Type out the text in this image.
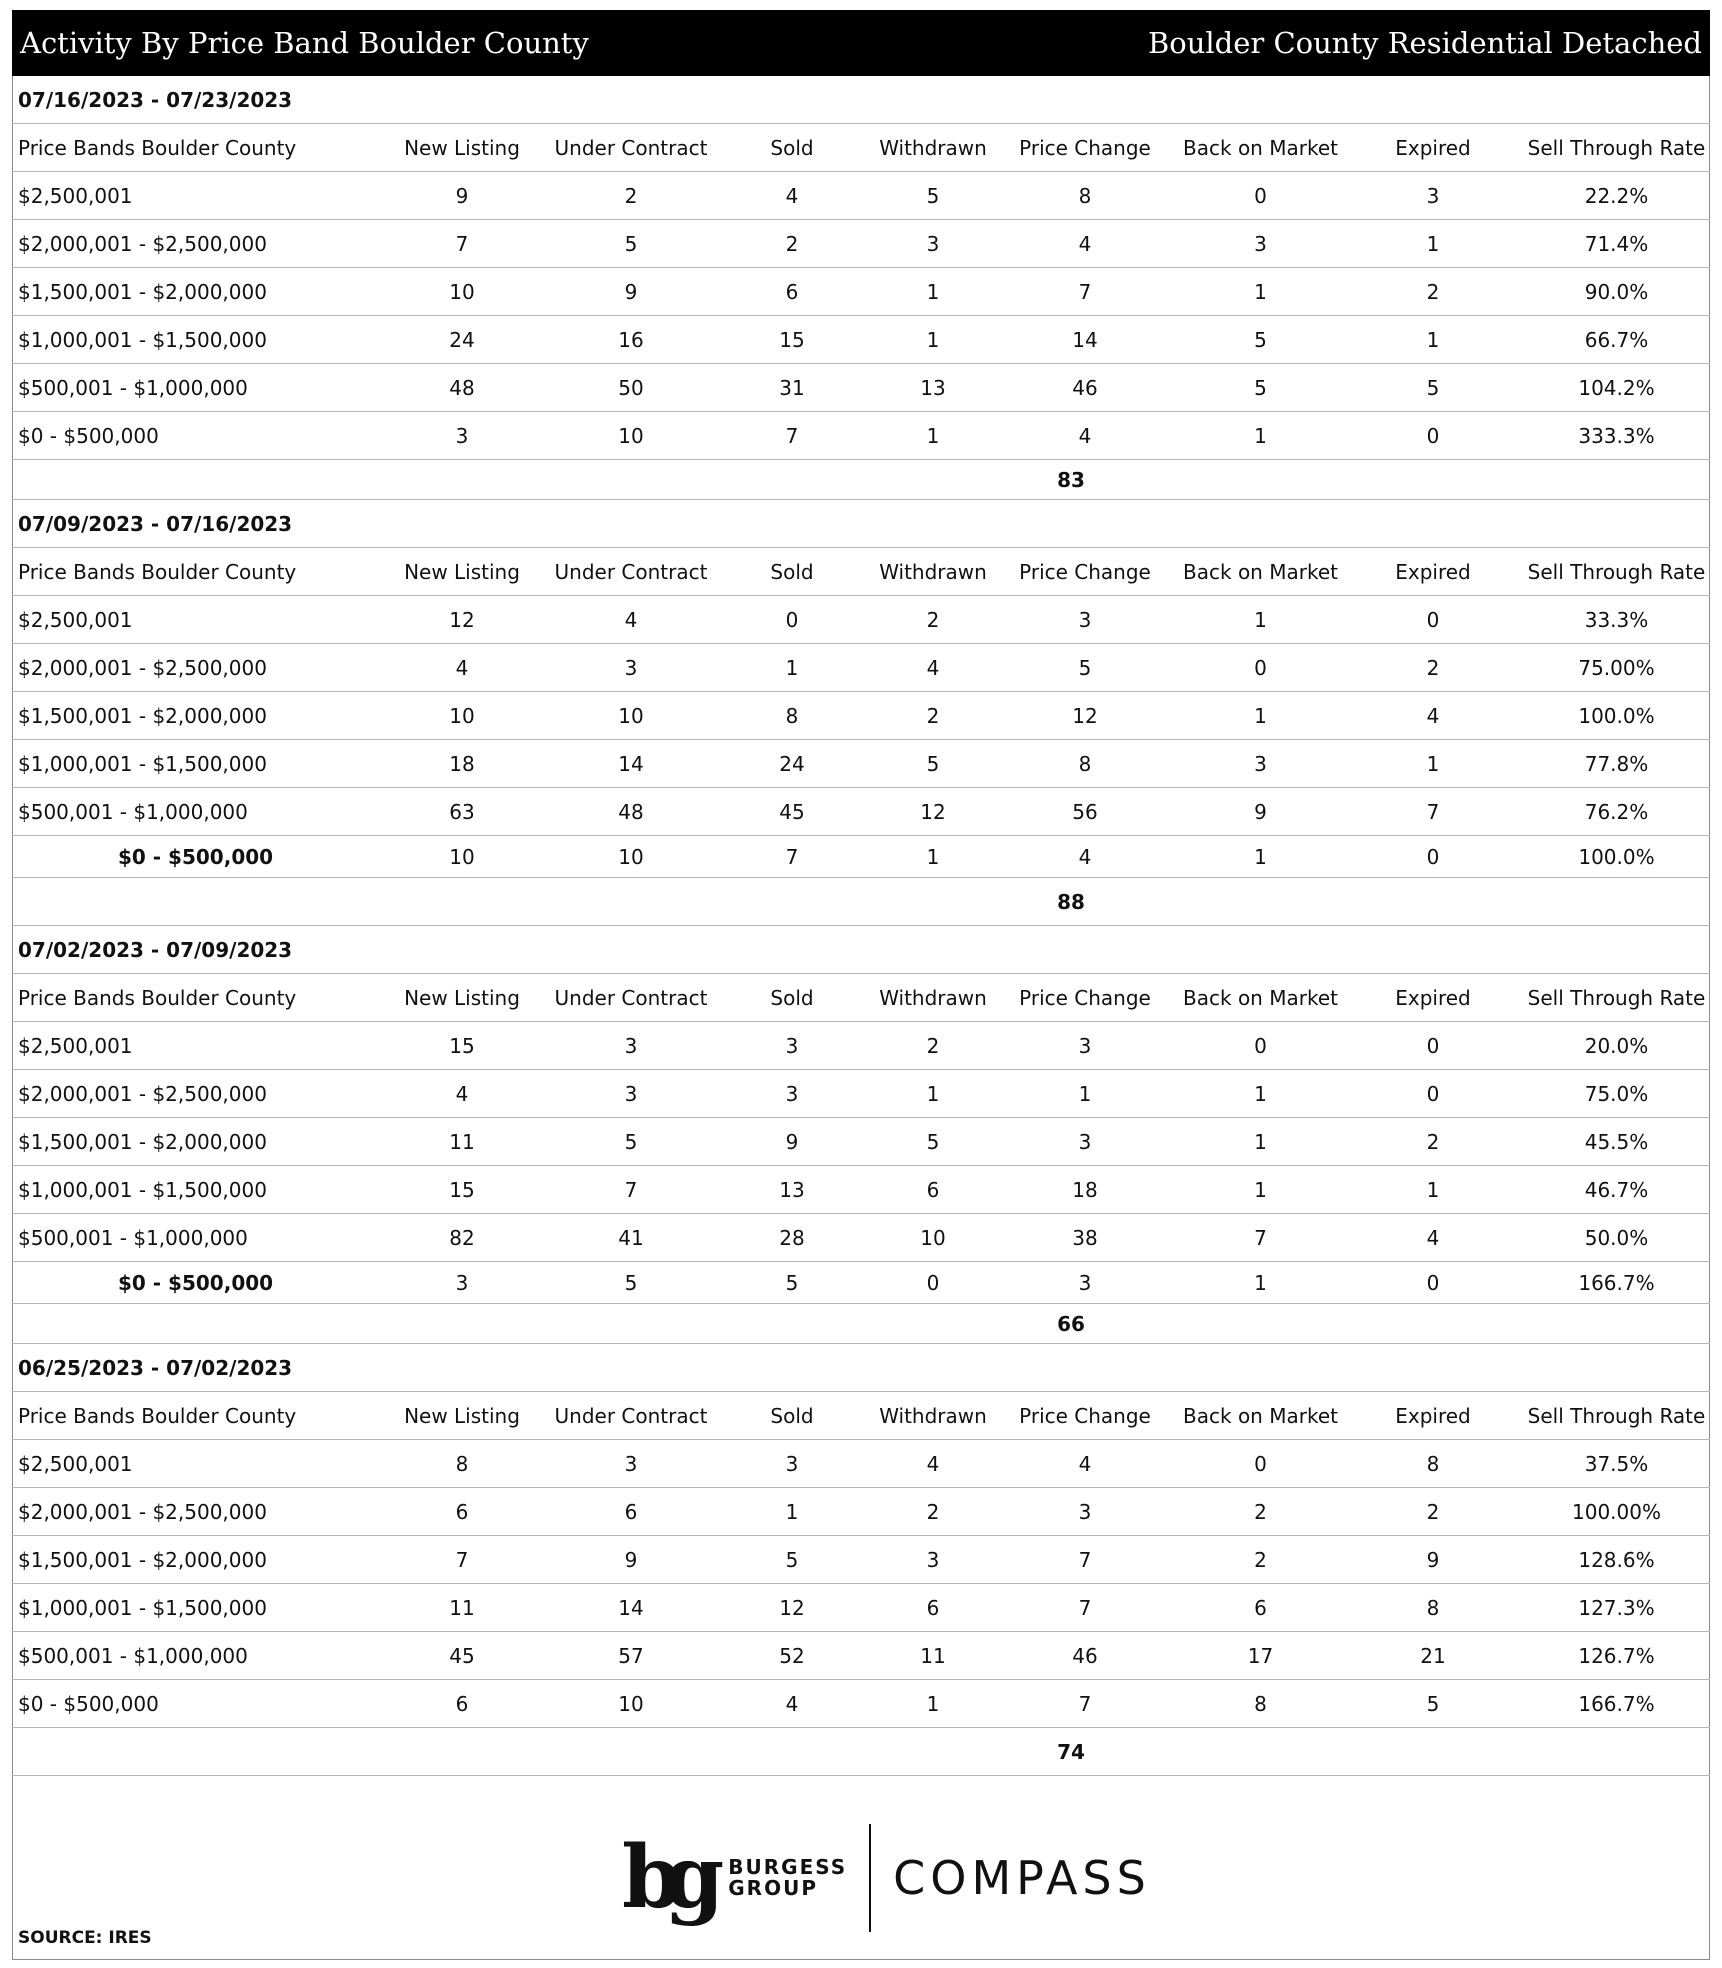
Activity By Price Band Boulder County	Boulder County Residential Detached
07/16/2023 - 07/23/2023
Price Bands Boulder County	New Listing	Under Contract	Sold	Withdrawn	Price Change	Back on Market	Expired	Sell Through Rate
$2,500,001	9	2	4	5	8	0	3	22.2%
$2,000,001 - $2,500,000	7	5	2	3	4	3	1	71.4%
$1,500,001 - $2,000,000	10	9	6	1	7	1	2	90.0%
$1,000,001 - $1,500,000	24	16	15	1	14	5	1	66.7%
$500,001 - $1,000,000	48	50	31	13	46	5	5	104.2%
$0 - $500,000	3	10	7	1	4	1	0	333.3%
83
07/09/2023 - 07/16/2023
Price Bands Boulder County	New Listing	Under Contract	Sold	Withdrawn	Price Change	Back on Market	Expired	Sell Through Rate
$2,500,001	12	4	0	2	3	1	0	33.3%
$2,000,001 - $2,500,000	4	3	1	4	5	0	2	75.00%
$1,500,001 - $2,000,000	10	10	8	2	12	1	4	100.0%
$1,000,001 - $1,500,000	18	14	24	5	8	3	1	77.8%
$500,001 - $1,000,000	63	48	45	12	56	9	7	76.2%
$0 - $500,000	10	10	7	1	4	1	0	100.0%
88
07/02/2023 - 07/09/2023
Price Bands Boulder County	New Listing	Under Contract	Sold	Withdrawn	Price Change	Back on Market	Expired	Sell Through Rate
$2,500,001	15	3	3	2	3	0	0	20.0%
$2,000,001 - $2,500,000	4	3	3	1	1	1	0	75.0%
$1,500,001 - $2,000,000	11	5	9	5	3	1	2	45.5%
$1,000,001 - $1,500,000	15	7	13	6	18	1	1	46.7%
$500,001 - $1,000,000	82	41	28	10	38	7	4	50.0%
$0 - $500,000	3	5	5	0	3	1	0	166.7%
66
06/25/2023 - 07/02/2023
Price Bands Boulder County	New Listing	Under Contract	Sold	Withdrawn	Price Change	Back on Market	Expired	Sell Through Rate
$2,500,001	8	3	3	4	4	0	8	37.5%
$2,000,001 - $2,500,000	6	6	1	2	3	2	2	100.00%
$1,500,001 - $2,000,000	7	9	5	3	7	2	9	128.6%
$1,000,001 - $1,500,000	11	14	12	6	7	6	8	127.3%
$500,001 - $1,000,000	45	57	52	11	46	17	21	126.7%
$0 - $500,000	6	10	4	1	7	8	5	166.7%
74
bg BURGESS
GROUP	COMPASS
SOURCE: IRES
